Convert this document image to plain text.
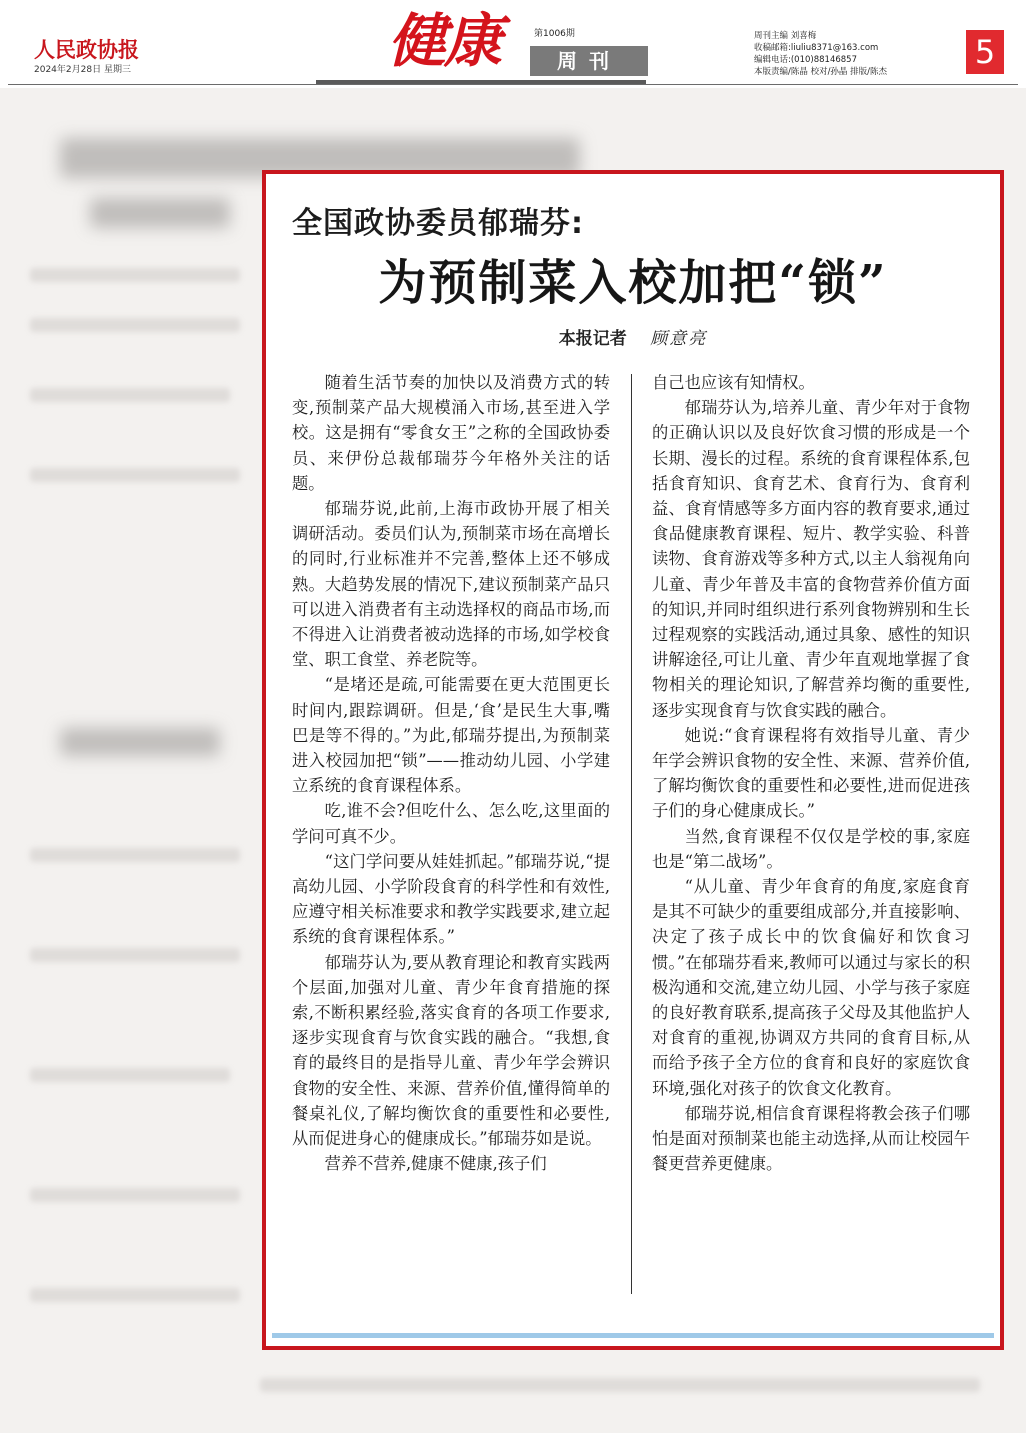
人民政协报
2024年2月28日 星期三	健康	第1006期
周刊
周刊主编 刘喜梅
收稿邮箱:liuliu8371@163.com
编辑电话:(010)88146857
本版责编/陈晶 校对/孙晶 排版/陈杰
5
全国政协委员郁瑞芬:
为预制菜入校加把“锁”
本报记者 顾意亮

随着生活节奏的加快以及消费方式的转变,预制菜产品大规模涌入市场,甚至进入学校。这是拥有“零食女王”之称的全国政协委员、来伊份总裁郁瑞芬今年格外关注的话题。

郁瑞芬说,此前,上海市政协开展了相关调研活动。委员们认为,预制菜市场在高增长的同时,行业标准并不完善,整体上还不够成熟。大趋势发展的情况下,建议预制菜产品只可以进入消费者有主动选择权的商品市场,而不得进入让消费者被动选择的市场,如学校食堂、职工食堂、养老院等。

“是堵还是疏,可能需要在更大范围更长时间内,跟踪调研。但是,‘食’是民生大事,嘴巴是等不得的。”为此,郁瑞芬提出,为预制菜进入校园加把“锁”——推动幼儿园、小学建立系统的食育课程体系。

吃,谁不会?但吃什么、怎么吃,这里面的学问可真不少。

“这门学问要从娃娃抓起。”郁瑞芬说,“提高幼儿园、小学阶段食育的科学性和有效性,应遵守相关标准要求和教学实践要求,建立起系统的食育课程体系。”

郁瑞芬认为,要从教育理论和教育实践两个层面,加强对儿童、青少年食育措施的探索,不断积累经验,落实食育的各项工作要求,逐步实现食育与饮食实践的融合。“我想,食育的最终目的是指导儿童、青少年学会辨识食物的安全性、来源、营养价值,懂得简单的餐桌礼仪,了解均衡饮食的重要性和必要性,从而促进身心的健康成长。”郁瑞芬如是说。

营养不营养,健康不健康,孩子们

自己也应该有知情权。

郁瑞芬认为,培养儿童、青少年对于食物的正确认识以及良好饮食习惯的形成是一个长期、漫长的过程。系统的食育课程体系,包括食育知识、食育艺术、食育行为、食育利益、食育情感等多方面内容的教育要求,通过食品健康教育课程、短片、教学实验、科普读物、食育游戏等多种方式,以主人翁视角向儿童、青少年普及丰富的食物营养价值方面的知识,并同时组织进行系列食物辨别和生长过程观察的实践活动,通过具象、感性的知识讲解途径,可让儿童、青少年直观地掌握了食物相关的理论知识,了解营养均衡的重要性,逐步实现食育与饮食实践的融合。

她说:“食育课程将有效指导儿童、青少年学会辨识食物的安全性、来源、营养价值,了解均衡饮食的重要性和必要性,进而促进孩子们的身心健康成长。”

当然,食育课程不仅仅是学校的事,家庭也是“第二战场”。

“从儿童、青少年食育的角度,家庭食育是其不可缺少的重要组成部分,并直接影响、决定了孩子成长中的饮食偏好和饮食习惯。”在郁瑞芬看来,教师可以通过与家长的积极沟通和交流,建立幼儿园、小学与孩子家庭的良好教育联系,提高孩子父母及其他监护人对食育的重视,协调双方共同的食育目标,从而给予孩子全方位的食育和良好的家庭饮食环境,强化对孩子的饮食文化教育。

郁瑞芬说,相信食育课程将教会孩子们哪怕是面对预制菜也能主动选择,从而让校园午餐更营养更健康。
